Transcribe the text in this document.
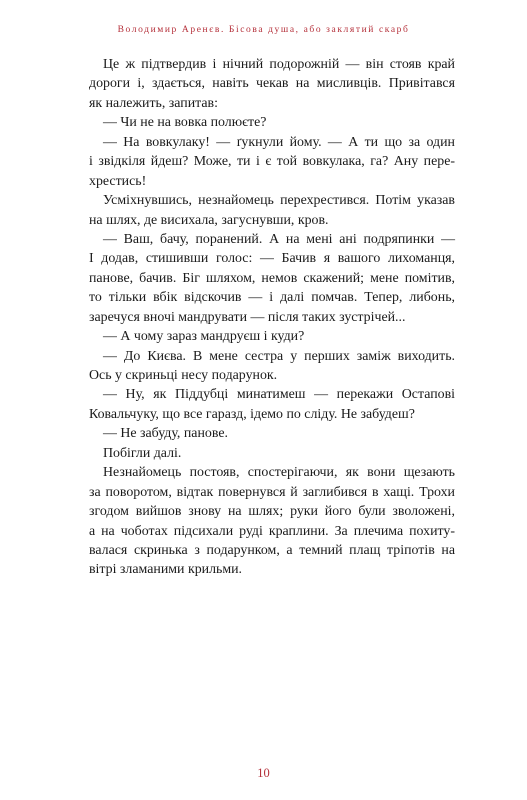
Володимир Аренєв. Бісова душа, або заклятий скарб
Це ж підтвердив і нічний подорожній — він стояв край
дороги і, здається, навіть чекав на мисливців. Привітався
як належить, запитав:
— Чи не на вовка полюєте?
— На вовкулаку! — ґукнули йому. — А ти що за один
і звідкіля йдеш? Може, ти і є той вовкулака, га? Ану пере-
хрестись!
Усміхнувшись, незнайомець перехрестився. Потім указав
на шлях, де висихала, загуснувши, кров.
— Ваш, бачу, поранений. А на мені ані подряпинки —
І додав, стишивши голос: — Бачив я вашого лихоманця,
панове, бачив. Біг шляхом, немов скажений; мене помітив,
то тільки вбік відскочив — і далі помчав. Тепер, либонь,
заречуся вночі мандрувати — після таких зустрічей...
— А чому зараз мандруєш і куди?
— До Києва. В мене сестра у перших заміж виходить.
Ось у скриньці несу подарунок.
— Ну, як Піддубці минатимеш — перекажи Остапові
Ковальчуку, що все гаразд, ідемо по сліду. Не забудеш?
— Не забуду, панове.
Побігли далі.
Незнайомець постояв, спостерігаючи, як вони щезають
за поворотом, відтак повернувся й заглибився в хащі. Трохи
згодом вийшов знову на шлях; руки його були зволожені,
а на чоботах підсихали руді краплини. За плечима похиту-
валася скринька з подарунком, а темний плащ тріпотів на
вітрі зламаними крильми.
10
